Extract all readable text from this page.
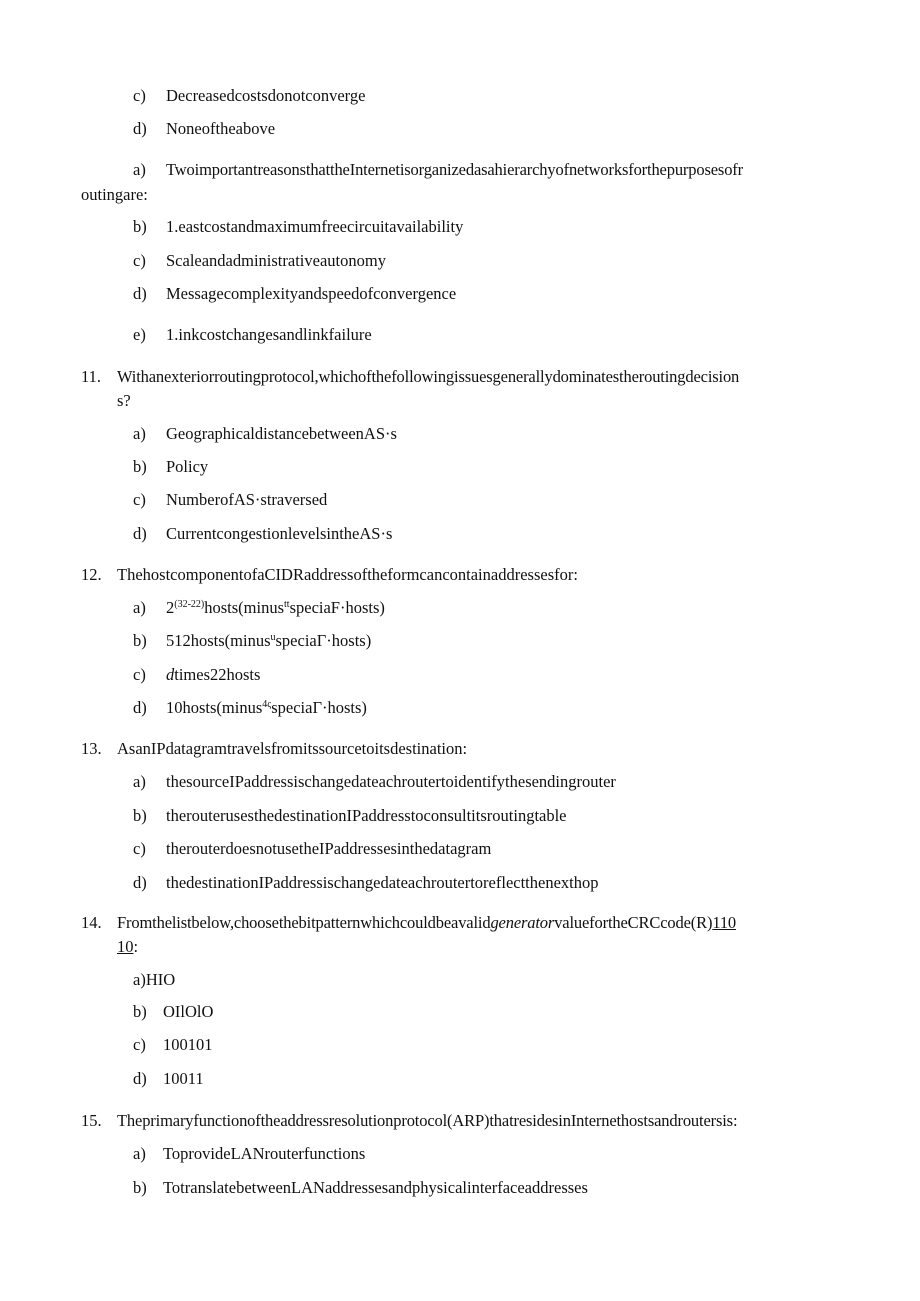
c) Decreasedcostsdonotconverge
d) Noneoftheabove
a) TwoimportantreasonsthattheInternetisorganizedasahierarchyofnetworksforthepurposesofr
outingare:
b) 1.eastcostandmaximumfreecircuitavailability
c) Scaleandadministrativeautonomy
d) Messagecomplexityandspeedofconvergence
e) 1.inkcostchangesandlinkfailure
11. Withanexteriorroutingprotocol,whichofthefollowingissuesgenerallydominatestheroutingdecision
s?
a) GeographicaldistancebetweenAS·s
b) Policy
c) NumberofAS·straversed
d) CurrentcongestionlevelsintheAS·s
12. ThehostcomponentofaCIDRaddressoftheformcancontainaddressesfor:
a) $2^{(32-22)}hosts(minus^{tt}speciaF\cdot hosts)$
b) 512hosts(minus$^u$speciaΓ·hosts)
c) dtimes22hosts
d) 10hosts(minus$^{4\varsigma}$speciaΓ·hosts)
13. AsanIPdatagramtravelsfromitssourcetoitsdestination:
a) thesourceIPaddressischangedateachroutertoidentifythesendingrouter
b) therouterusesthedestinationIPaddresstoconsultitsroutingtable
c) therouterdoesnotusetheIPaddressesinthedatagram
d) thedestinationIPaddressischangedateachroutertoreflectthenexthop
14. Fromthelistbelow,choosethebitpatternwhichcouldbeavalidgeneratorvaluefortheCRCcode(R)110
10:
a)HIO
b) OIlOlO
c) 100101
d) 10011
15. Theprimaryfunctionoftheaddressresolutionprotocol(ARP)thatresidesinInternethostsandroutersis:
a) ToprovideLANrouterfunctions
b) TotranslatebetweenLANaddressesandphysicalinterfaceaddresses
